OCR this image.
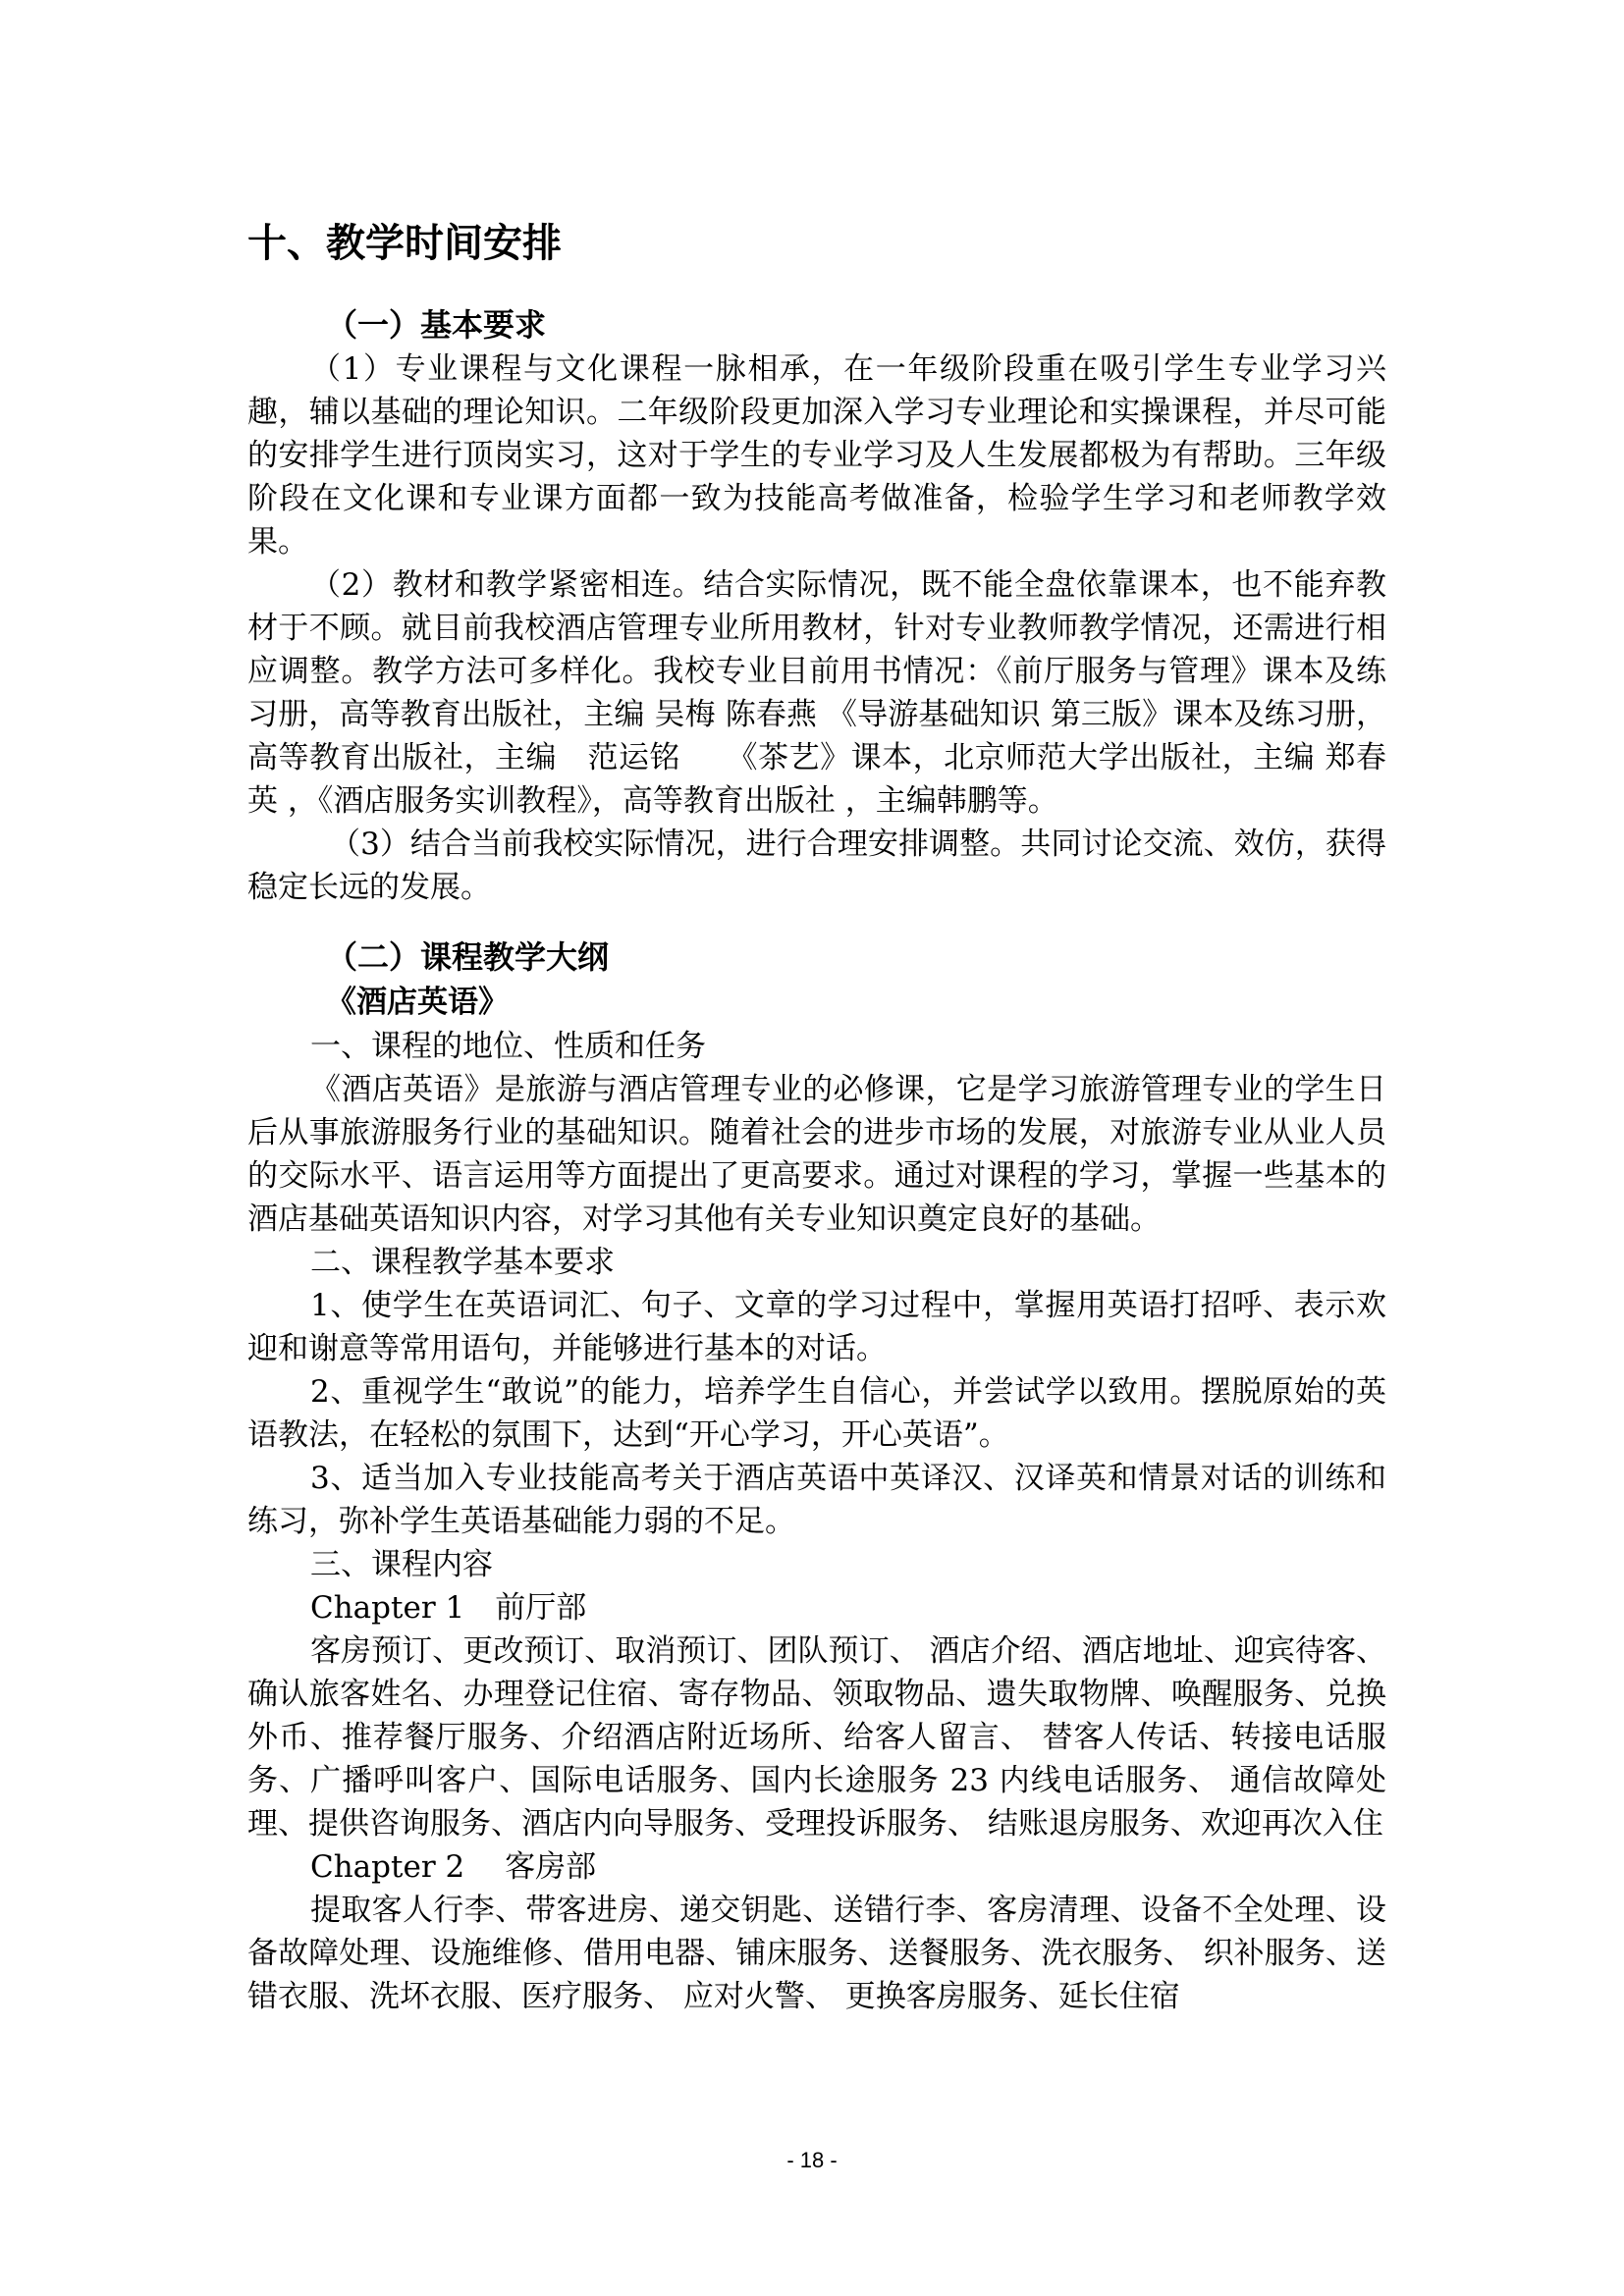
十、教学时间安排
（一）基本要求

（1）专业课程与文化课程一脉相承，在一年级阶段重在吸引学生专业学习兴趣，辅以基础的理论知识。二年级阶段更加深入学习专业理论和实操课程，并尽可能的安排学生进行顶岗实习，这对于学生的专业学习及人生发展都极为有帮助。三年级阶段在文化课和专业课方面都一致为技能高考做准备，检验学生学习和老师教学效果。

（2）教材和教学紧密相连。结合实际情况，既不能全盘依靠课本，也不能弃教材于不顾。就目前我校酒店管理专业所用教材，针对专业教师教学情况，还需进行相应调整。教学方法可多样化。我校专业目前用书情况：《前厅服务与管理》课本及练习册，高等教育出版社，主编 吴梅 陈春燕 《导游基础知识 第三版》课本及练习册，高等教育出版社，主编　范运铭　　《茶艺》课本，北京师范大学出版社，主编 郑春英 ，《酒店服务实训教程》，高等教育出版社 ，主编韩鹏等。

（3）结合当前我校实际情况，进行合理安排调整。共同讨论交流、效仿，获得稳定长远的发展。

（二）课程教学大纲
《酒店英语》

一、课程的地位、性质和任务

《酒店英语》是旅游与酒店管理专业的必修课，它是学习旅游管理专业的学生日后从事旅游服务行业的基础知识。随着社会的进步市场的发展，对旅游专业从业人员的交际水平、语言运用等方面提出了更高要求。通过对课程的学习，掌握一些基本的酒店基础英语知识内容，对学习其他有关专业知识奠定良好的基础。

二、课程教学基本要求

1、使学生在英语词汇、句子、文章的学习过程中，掌握用英语打招呼、表示欢迎和谢意等常用语句，并能够进行基本的对话。

2、重视学生“敢说”的能力，培养学生自信心，并尝试学以致用。摆脱原始的英语教法，在轻松的氛围下，达到“开心学习，开心英语”。

3、适当加入专业技能高考关于酒店英语中英译汉、汉译英和情景对话的训练和练习，弥补学生英语基础能力弱的不足。

三、课程内容

Chapter 1　前厅部

客房预订、更改预订、取消预订、团队预订、 酒店介绍、酒店地址、迎宾待客、确认旅客姓名、办理登记住宿、寄存物品、领取物品、遗失取物牌、唤醒服务、兑换外币、推荐餐厅服务、介绍酒店附近场所、给客人留言、 替客人传话、转接电话服务、广播呼叫客户、国际电话服务、国内长途服务 23 内线电话服务、 通信故障处理、提供咨询服务、酒店内向导服务、受理投诉服务、 结账退房服务、欢迎再次入住

Chapter 2　 客房部

提取客人行李、带客进房、递交钥匙、送错行李、客房清理、设备不全处理、设备故障处理、设施维修、借用电器、铺床服务、送餐服务、洗衣服务、 织补服务、送错衣服、洗坏衣服、医疗服务、 应对火警、 更换客房服务、延长住宿

- 18 -
